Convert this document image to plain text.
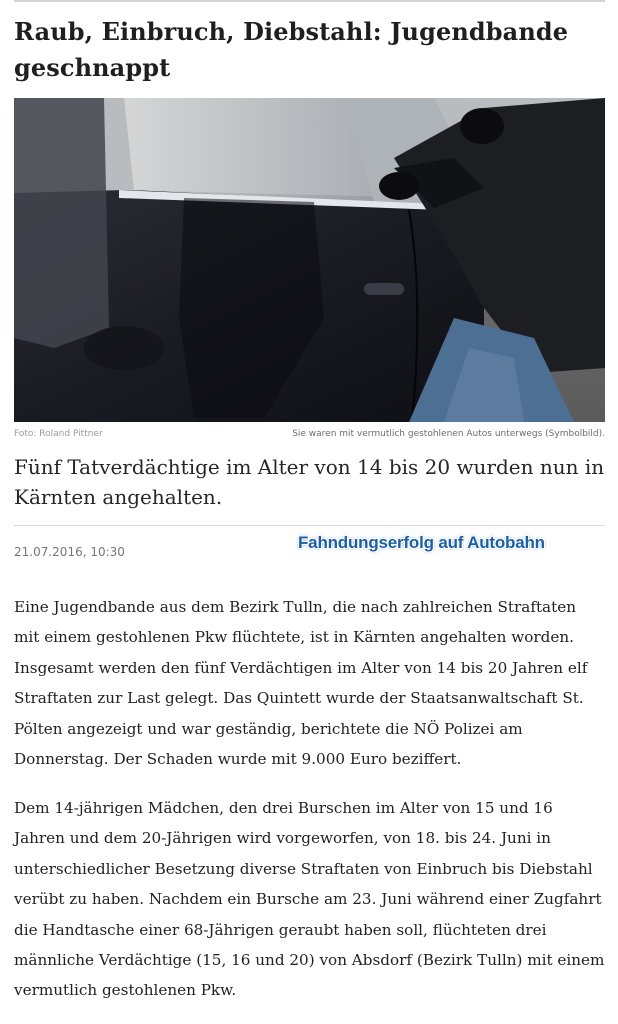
Raub, Einbruch, Diebstahl: Jugendbande geschnappt
Foto: Roland Pittner	Sie waren mit vermutlich gestohlenen Autos unterwegs (Symbolbild).
Fünf Tatverdächtige im Alter von 14 bis 20 wurden nun in Kärnten angehalten.
21.07.2016, 10:30	Fahndungserfolg auf Autobahn

Eine Jugendbande aus dem Bezirk Tulln, die nach zahlreichen Straftaten mit einem gestohlenen Pkw flüchtete, ist in Kärnten angehalten worden. Insgesamt werden den fünf Verdächtigen im Alter von 14 bis 20 Jahren elf Straftaten zur Last gelegt. Das Quintett wurde der Staatsanwaltschaft St. Pölten angezeigt und war geständig, berichtete die NÖ Polizei am Donnerstag. Der Schaden wurde mit 9.000 Euro beziffert.

Dem 14-jährigen Mädchen, den drei Burschen im Alter von 15 und 16 Jahren und dem 20-Jährigen wird vorgeworfen, von 18. bis 24. Juni in unterschiedlicher Besetzung diverse Straftaten von Einbruch bis Diebstahl verübt zu haben. Nachdem ein Bursche am 23. Juni während einer Zugfahrt die Handtasche einer 68-Jährigen geraubt haben soll, flüchteten drei männliche Verdächtige (15, 16 und 20) von Absdorf (Bezirk Tulln) mit einem vermutlich gestohlenen Pkw.
